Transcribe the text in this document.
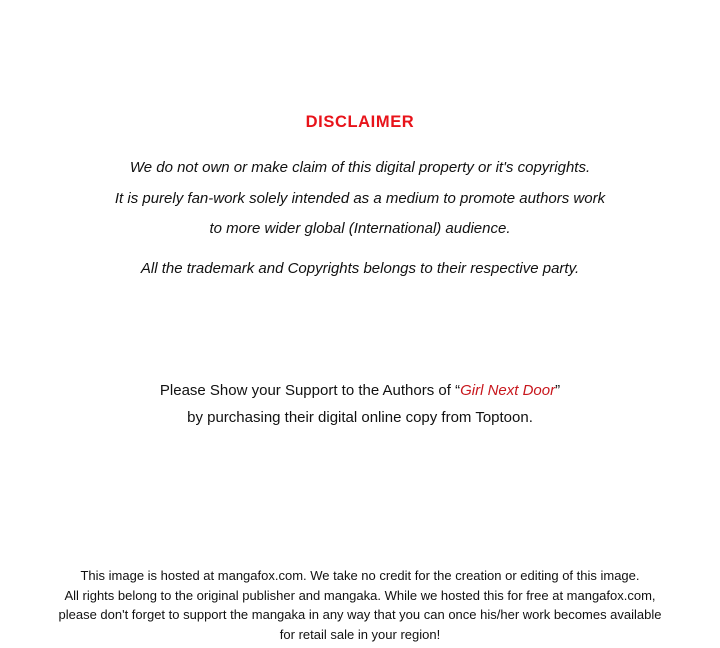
DISCLAIMER
We do not own or make claim of this digital property or it's copyrights.
It is purely fan-work solely intended as a medium to promote authors work
to more wider global (International) audience.
All the trademark and Copyrights belongs to their respective party.
Please Show your Support to the Authors of “Girl Next Door”
by purchasing their digital online copy from Toptoon.
This image is hosted at mangafox.com. We take no credit for the creation or editing of this image.
All rights belong to the original publisher and mangaka. While we hosted this for free at mangafox.com,
please don't forget to support the mangaka in any way that you can once his/her work becomes available
for retail sale in your region!
